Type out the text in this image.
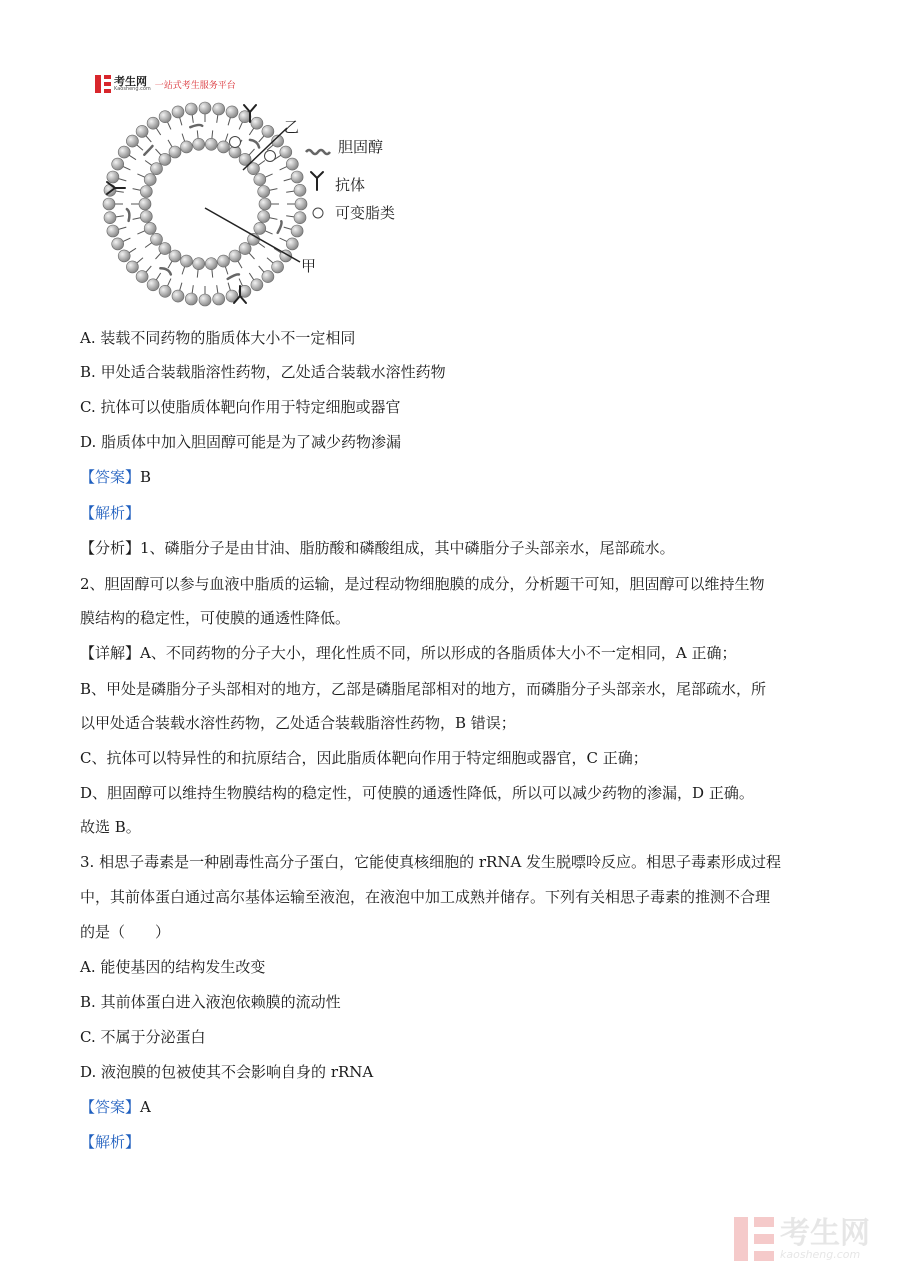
考生网
Kaosheng.com 一站式考生服务平台
乙
甲
胆固醇
抗体
可变脂类
A. 装载不同药物的脂质体大小不一定相同
B. 甲处适合装载脂溶性药物，乙处适合装载水溶性药物
C. 抗体可以使脂质体靶向作用于特定细胞或器官
D. 脂质体中加入胆固醇可能是为了减少药物渗漏
【答案】B
【解析】
【分析】1、磷脂分子是由甘油、脂肪酸和磷酸组成，其中磷脂分子头部亲水，尾部疏水。
2、胆固醇可以参与血液中脂质的运输，是过程动物细胞膜的成分，分析题干可知，胆固醇可以维持生物
膜结构的稳定性，可使膜的通透性降低。
【详解】A、不同药物的分子大小，理化性质不同，所以形成的各脂质体大小不一定相同，A 正确；
B、甲处是磷脂分子头部相对的地方，乙部是磷脂尾部相对的地方，而磷脂分子头部亲水，尾部疏水，所
以甲处适合装载水溶性药物，乙处适合装载脂溶性药物，B 错误；
C、抗体可以特异性的和抗原结合，因此脂质体靶向作用于特定细胞或器官，C 正确；
D、胆固醇可以维持生物膜结构的稳定性，可使膜的通透性降低，所以可以减少药物的渗漏，D 正确。
故选 B。
3. 相思子毒素是一种剧毒性高分子蛋白，它能使真核细胞的 rRNA 发生脱嘌呤反应。相思子毒素形成过程
中，其前体蛋白通过高尔基体运输至液泡，在液泡中加工成熟并储存。下列有关相思子毒素的推测不合理
的是（　　）
A. 能使基因的结构发生改变
B. 其前体蛋白进入液泡依赖膜的流动性
C. 不属于分泌蛋白
D. 液泡膜的包被使其不会影响自身的 rRNA
【答案】A
【解析】
考生网
kaosheng.com
